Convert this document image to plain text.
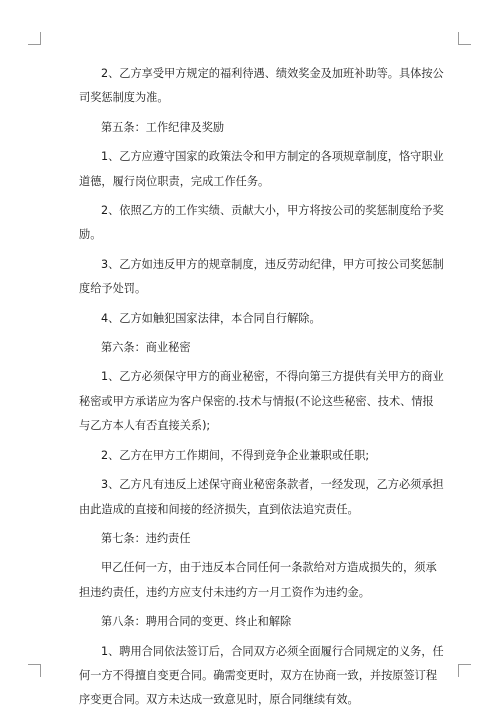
2、乙方享受甲方规定的福利待遇、绩效奖金及加班补助等。具体按公司奖惩制度为准。

第五条：工作纪律及奖励

1、乙方应遵守国家的政策法令和甲方制定的各项规章制度，恪守职业道德，履行岗位职责，完成工作任务。

2、依照乙方的工作实绩、贡献大小，甲方将按公司的奖惩制度给予奖励。

3、乙方如违反甲方的规章制度，违反劳动纪律，甲方可按公司奖惩制度给予处罚。

4、乙方如触犯国家法律，本合同自行解除。

第六条：商业秘密

1、乙方必须保守甲方的商业秘密，不得向第三方提供有关甲方的商业秘密或甲方承诺应为客户保密的.技术与情报(不论这些秘密、技术、情报与乙方本人有否直接关系);

2、乙方在甲方工作期间，不得到竞争企业兼职或任职;

3、乙方凡有违反上述保守商业秘密条款者，一经发现，乙方必须承担由此造成的直接和间接的经济损失，直到依法追究责任。

第七条：违约责任

甲乙任何一方，由于违反本合同任何一条款给对方造成损失的，须承担违约责任，违约方应支付未违约方一月工资作为违约金。

第八条：聘用合同的变更、终止和解除

1、聘用合同依法签订后，合同双方必须全面履行合同规定的义务，任何一方不得擅自变更合同。确需变更时，双方在协商一致，并按原签订程序变更合同。双方未达成一致意见时，原合同继续有效。
